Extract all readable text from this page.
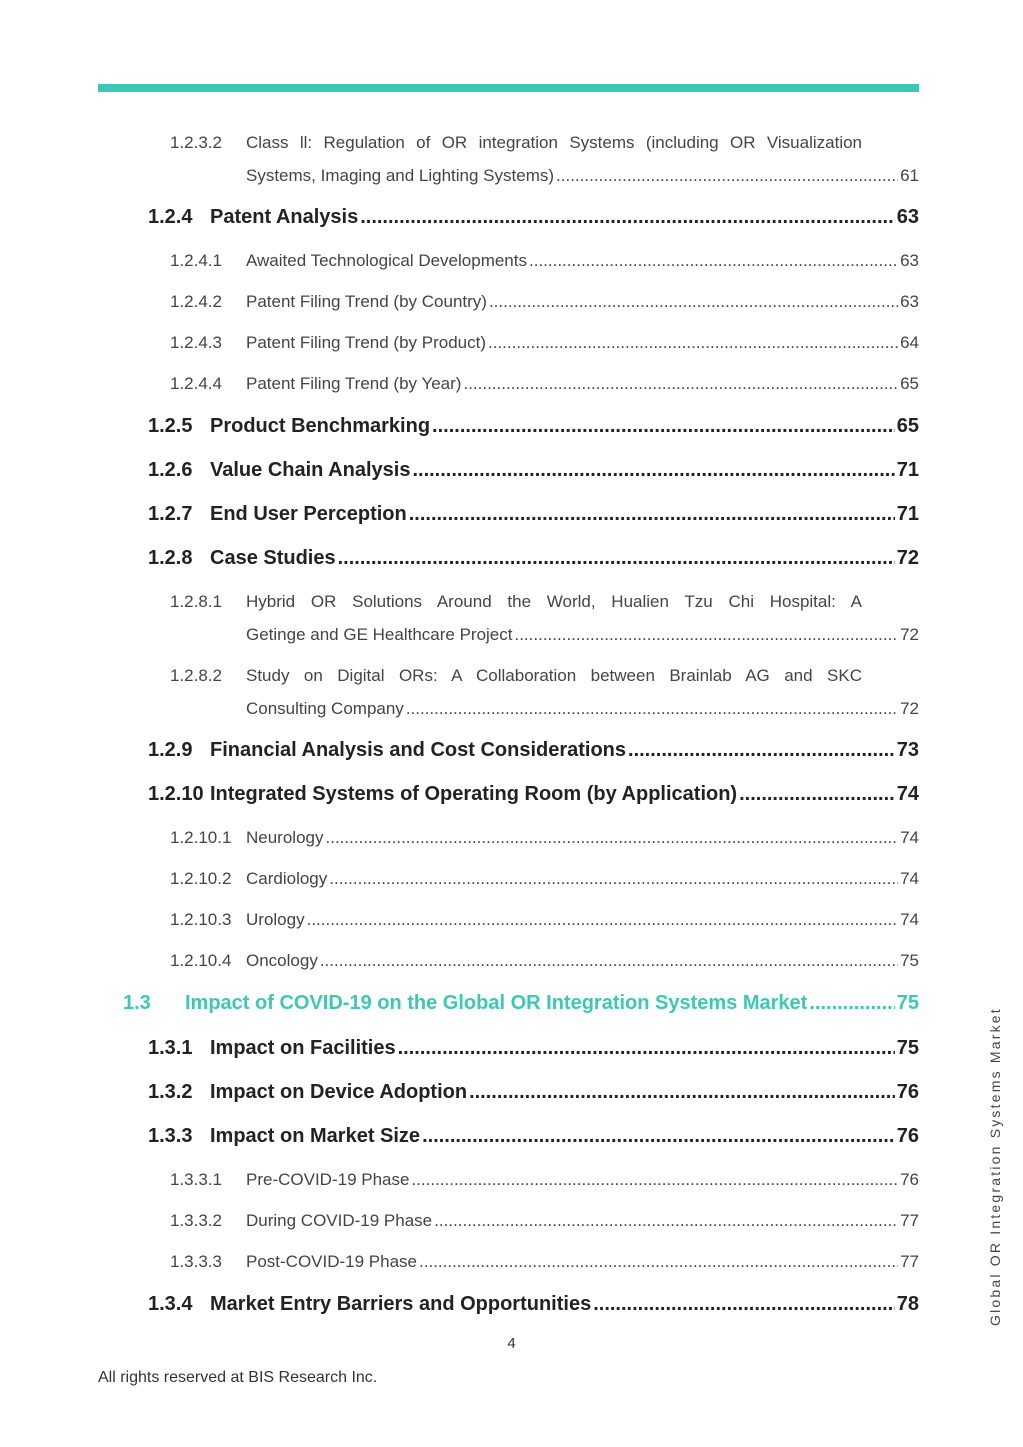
1.2.3.2 Class ll: Regulation of OR integration Systems (including OR Visualization
Systems, Imaging and Lighting Systems) .....	61
1.2.4 Patent Analysis .....	63
1.2.4.1	Awaited Technological Developments .....	63
1.2.4.2	Patent Filing Trend (by Country) .....	63
1.2.4.3	Patent Filing Trend (by Product) .....	64
1.2.4.4	Patent Filing Trend (by Year) .....	65
1.2.5 Product Benchmarking .....	65
1.2.6 Value Chain Analysis .....	71
1.2.7 End User Perception .....	71
1.2.8 Case Studies .....	72
1.2.8.1 Hybrid OR Solutions Around the World, Hualien Tzu Chi Hospital: A
Getinge and GE Healthcare Project .....	72
1.2.8.2 Study on Digital ORs: A Collaboration between Brainlab AG and SKC
Consulting Company .....	72
1.2.9 Financial Analysis and Cost Considerations .....	73
1.2.10 Integrated Systems of Operating Room (by Application) .....	74
1.2.10.1 Neurology .....	74
1.2.10.2 Cardiology .....	74
1.2.10.3 Urology .....	74
1.2.10.4 Oncology .....	75
1.3	Impact of COVID-19 on the Global OR Integration Systems Market .....	75
1.3.1 Impact on Facilities .....	75
1.3.2 Impact on Device Adoption .....	76
1.3.3 Impact on Market Size .....	76
1.3.3.1	Pre-COVID-19 Phase .....	76
1.3.3.2	During COVID-19 Phase .....	77
1.3.3.3	Post-COVID-19 Phase .....	77
1.3.4 Market Entry Barriers and Opportunities .....	78
4
All rights reserved at BIS Research Inc.
Global OR Integration Systems Market
